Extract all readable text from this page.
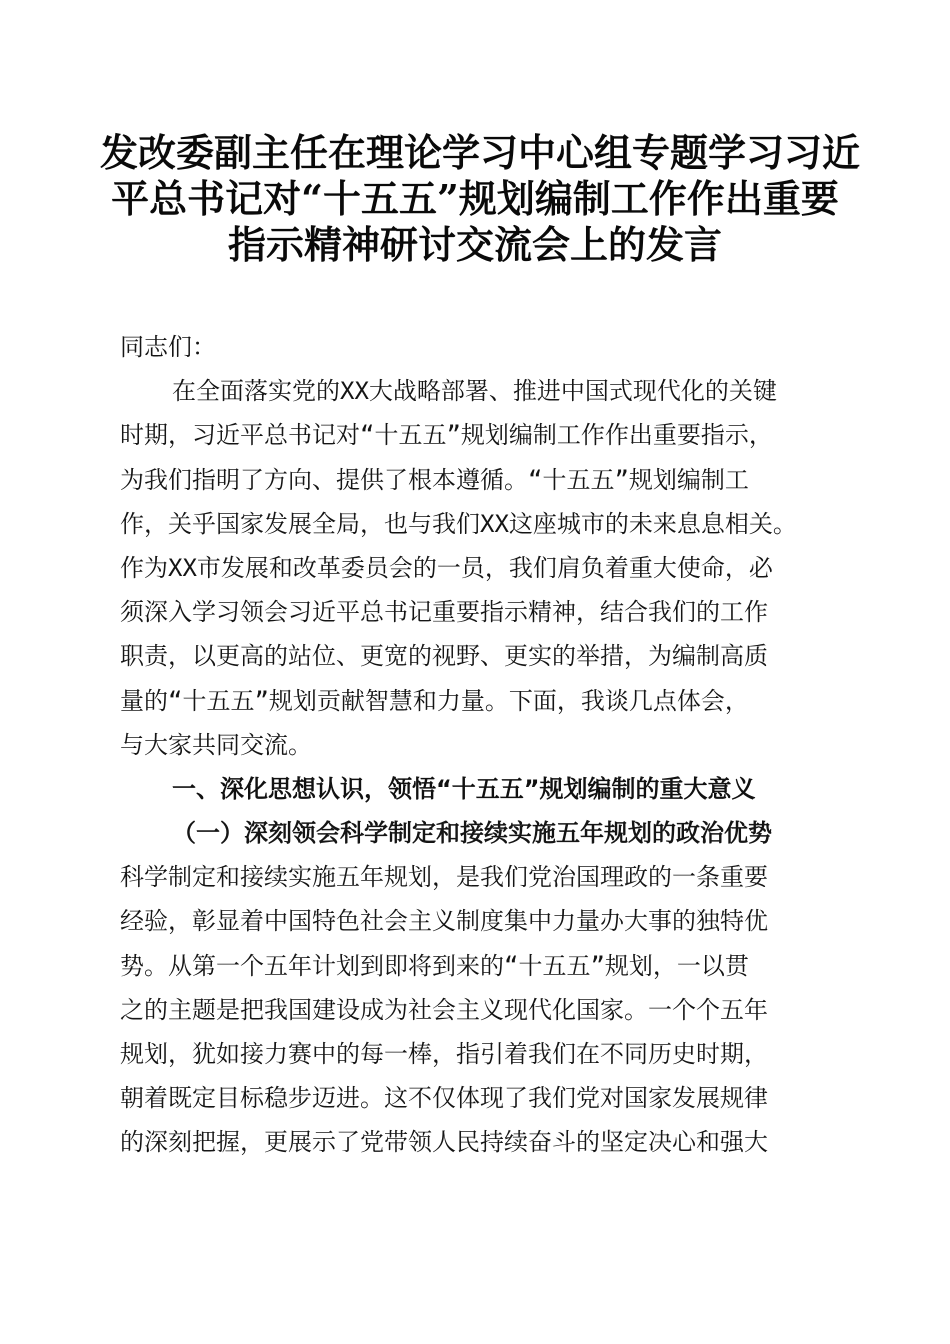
发改委副主任在理论学习中心组专题学习习近
平总书记对“十五五”规划编制工作作出重要
指示精神研讨交流会上的发言
同志们：
在全面落实党的XX大战略部署、推进中国式现代化的关键
时期，习近平总书记对“十五五”规划编制工作作出重要指示，
为我们指明了方向、提供了根本遵循。“十五五”规划编制工
作，关乎国家发展全局，也与我们XX这座城市的未来息息相关。
作为XX市发展和改革委员会的一员，我们肩负着重大使命，必
须深入学习领会习近平总书记重要指示精神，结合我们的工作
职责，以更高的站位、更宽的视野、更实的举措，为编制高质
量的“十五五”规划贡献智慧和力量。下面，我谈几点体会，
与大家共同交流。
一、深化思想认识，领悟“十五五”规划编制的重大意义
（一）深刻领会科学制定和接续实施五年规划的政治优势
科学制定和接续实施五年规划，是我们党治国理政的一条重要
经验，彰显着中国特色社会主义制度集中力量办大事的独特优
势。从第一个五年计划到即将到来的“十五五”规划，一以贯
之的主题是把我国建设成为社会主义现代化国家。一个个五年
规划，犹如接力赛中的每一棒，指引着我们在不同历史时期，
朝着既定目标稳步迈进。这不仅体现了我们党对国家发展规律
的深刻把握，更展示了党带领人民持续奋斗的坚定决心和强大
